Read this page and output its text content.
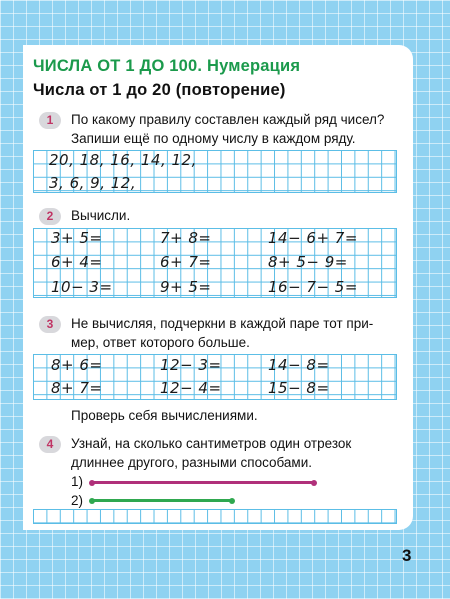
ЧИСЛА ОТ 1 ДО 100. Нумерация
Числа от 1 до 20 (повторение)
1	По какому правилу составлен каждый ряд чисел?
Запиши ещё по одному числу в каждом ряду.
20, 18, 16, 14, 12,
3, 6, 9, 12,
2	Вычисли.
3+ 5=	7+ 8=	14− 6+ 7=
6+ 4=	6+ 7=	8+ 5− 9=
10− 3=	9+ 5=	16− 7− 5=
3	Не вычисляя, подчеркни в каждой паре тот при-
мер, ответ которого больше.
8+ 6=	12− 3=	14− 8=
8+ 7=	12− 4=	15− 8=
Проверь себя вычислениями.
4	Узнай, на сколько сантиметров один отрезок
длиннее другого, разными способами.
1)
2)
3
